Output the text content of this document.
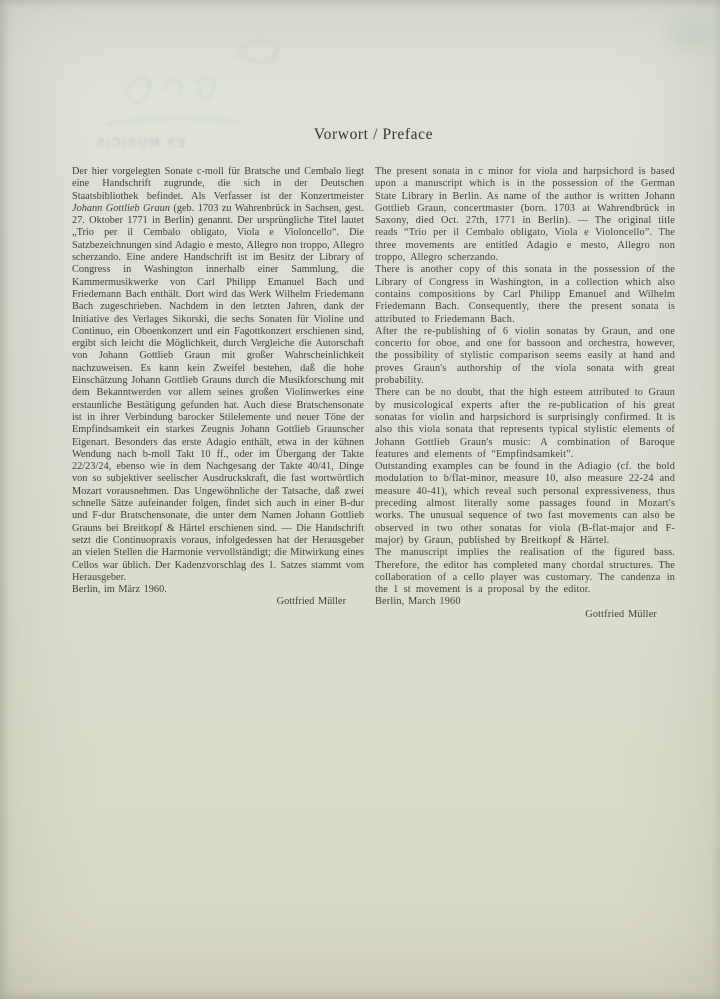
EX MUSICIS	Vorwort / Preface

Der hier vorgelegten Sonate c-moll für Bratsche und Cembalo liegt eine Handschrift zugrunde, die sich in der Deutschen Staatsbibliothek befindet. Als Verfasser ist der Konzertmeister Johann Gottlieb Graun (geb. 1703 zu Wahrenbrück in Sachsen, gest. 27. Oktober 1771 in Berlin) genannt. Der ursprüngliche Titel lautet „Trio per il Cembalo obligato, Viola e Violoncello“. Die Satzbezeichnungen sind Adagio e mesto, Allegro non troppo, Allegro scherzando. Eine andere Handschrift ist im Besitz der Library of Congress in Washington innerhalb einer Sammlung, die Kammermusikwerke von Carl Philipp Emanuel Bach und Friedemann Bach enthält. Dort wird das Werk Wilhelm Friedemann Bach zugeschrieben. Nachdem in den letzten Jahren, dank der Initiative des Verlages Sikorski, die sechs Sonaten für Violine und Continuo, ein Oboenkonzert und ein Fagottkonzert erschienen sind, ergibt sich leicht die Möglichkeit, durch Vergleiche die Autorschaft von Johann Gottlieb Graun mit großer Wahrscheinlichkeit nachzuweisen. Es kann kein Zweifel bestehen, daß die hohe Einschätzung Johann Gottlieb Grauns durch die Musikforschung mit dem Bekanntwerden vor allem seines großen Violinwerkes eine erstaunliche Bestätigung gefunden hat. Auch diese Bratschensonate ist in ihrer Verbindung barocker Stilelemente und neuer Töne der Empfindsamkeit ein starkes Zeugnis Johann Gottlieb Graunscher Eigenart. Besonders das erste Adagio enthält, etwa in der kühnen Wendung nach b-moll Takt 10 ff., oder im Übergang der Takte 22/23/24, ebenso wie in dem Nachgesang der Takte 40/41, Dinge von so subjektiver seelischer Ausdruckskraft, die fast wortwörtlich Mozart vorausnehmen. Das Ungewöhnliche der Tatsache, daß zwei schnelle Sätze aufeinander folgen, findet sich auch in einer B-dur und F-dur Bratschensonate, die unter dem Namen Johann Gottlieb Grauns bei Breitkopf & Härtel erschienen sind. — Die Handschrift setzt die Continuopraxis voraus, infolgedessen hat der Herausgeber an vielen Stellen die Harmonie vervollständigt; die Mitwirkung eines Cellos war üblich. Der Kadenzvorschlag des 1. Satzes stammt vom Herausgeber.

Berlin, im März 1960.

Gottfried Müller

The present sonata in c minor for viola and harpsichord is based upon a manuscript which is in the possession of the German State Library in Berlin. As name of the author is written Johann Gottlieb Graun, concertmaster (born. 1703 at Wahrendbrück in Saxony, died Oct. 27th, 1771 in Berlin). — The original title reads “Trio per il Cembalo obligato, Viola e Violoncello”. The three movements are entitled Adagio e mesto, Allegro non troppo, Allegro scherzando.

There is another copy of this sonata in the possession of the Library of Congress in Washington, in a collection which also contains compositions by Carl Philipp Emanuel and Wilhelm Friedemann Bach. Consequently, there the present sonata is attributed to Friedemann Bach.

After the re-publishing of 6 violin sonatas by Graun, and one concerto for oboe, and one for bassoon and orchestra, however, the possibility of stylistic comparison seems easily at hand and proves Graun's authorship of the viola sonata with great probability.

There can be no doubt, that the high esteem attributed to Graun by musicological experts after the re-publication of his great sonatas for violin and harpsichord is surprisingly confirmed. It is also this viola sonata that represents typical stylistic elements of Johann Gottlieb Graun's music: A combination of Baroque features and elements of “Empfindsamkeit”.

Outstanding examples can be found in the Adiagio (cf. the bold modulation to b/flat-minor, measure 10, also measure 22-24 and measure 40-41), which reveal such personal expressiveness, thus preceding almost literally some passages found in Mozart's works. The unusual sequence of two fast movements can also be observed in two other sonatas for viola (B-flat-major and F-major) by Graun, published by Breitkopf & Härtel.

The manuscript implies the realisation of the figured bass. Therefore, the editor has completed many chordal structures. The collaboration of a cello player was customary. The candenza in the 1 st movement is a proposal by the editor.

Berlin, March 1960

Gottfried Müller
